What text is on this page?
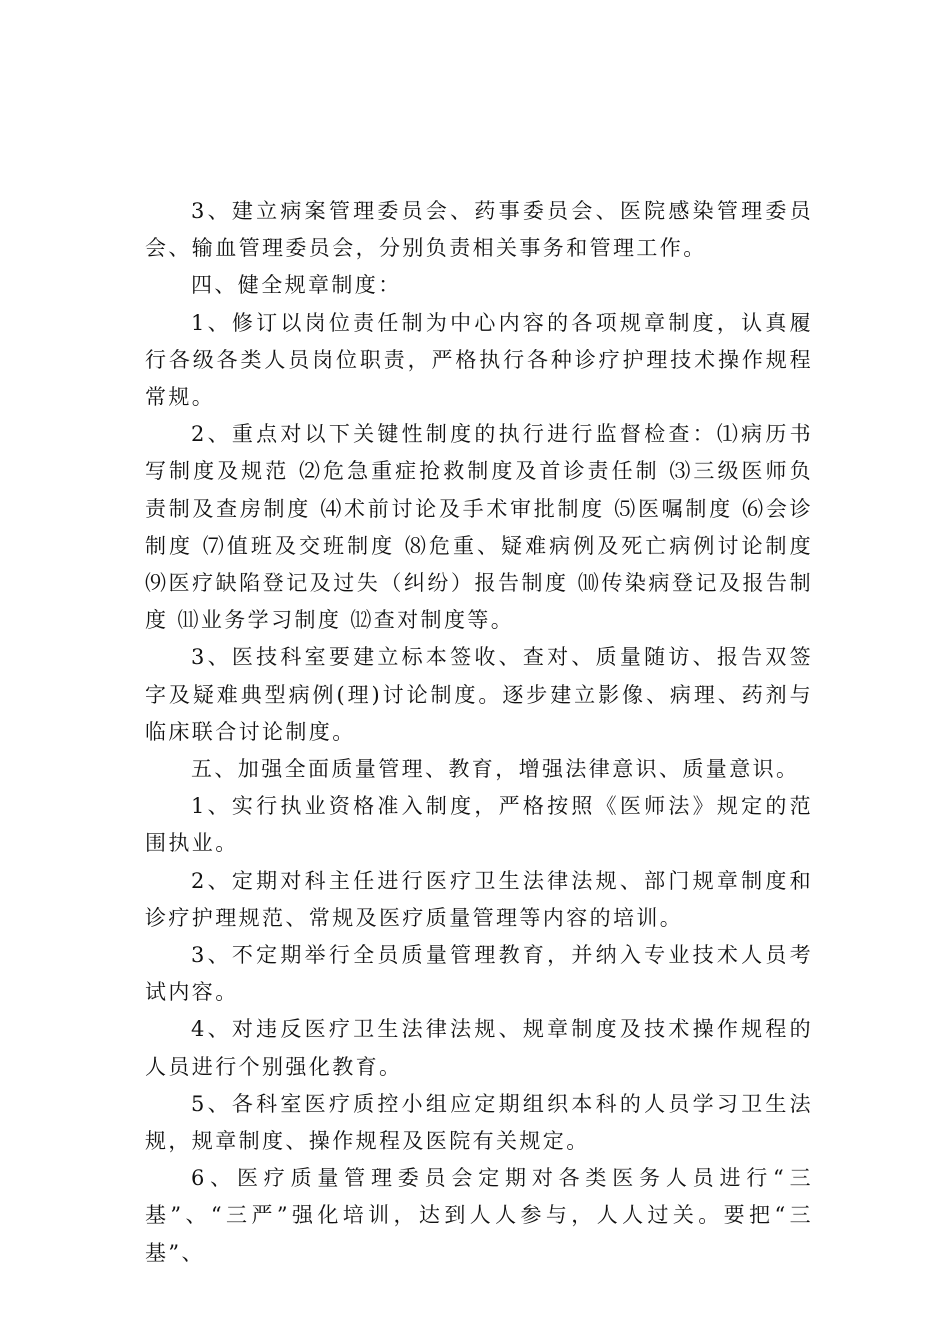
3、建立病案管理委员会、药事委员会、医院感染管理委员会、输血管理委员会，分别负责相关事务和管理工作。

四、健全规章制度：

1、修订以岗位责任制为中心内容的各项规章制度，认真履行各级各类人员岗位职责，严格执行各种诊疗护理技术操作规程常规。

2、重点对以下关键性制度的执行进行监督检查：⑴病历书写制度及规范 ⑵危急重症抢救制度及首诊责任制 ⑶三级医师负责制及查房制度 ⑷术前讨论及手术审批制度 ⑸医嘱制度 ⑹会诊制度 ⑺值班及交班制度 ⑻危重、疑难病例及死亡病例讨论制度 ⑼医疗缺陷登记及过失（纠纷）报告制度 ⑽传染病登记及报告制度 ⑾业务学习制度 ⑿查对制度等。

3、医技科室要建立标本签收、查对、质量随访、报告双签字及疑难典型病例(理)讨论制度。逐步建立影像、病理、药剂与临床联合讨论制度。

五、加强全面质量管理、教育，增强法律意识、质量意识。

1、实行执业资格准入制度，严格按照《医师法》规定的范围执业。

2、定期对科主任进行医疗卫生法律法规、部门规章制度和诊疗护理规范、常规及医疗质量管理等内容的培训。

3、不定期举行全员质量管理教育，并纳入专业技术人员考试内容。

4、对违反医疗卫生法律法规、规章制度及技术操作规程的人员进行个别强化教育。

5、各科室医疗质控小组应定期组织本科的人员学习卫生法规，规章制度、操作规程及医院有关规定。

6、医疗质量管理委员会定期对各类医务人员进行“三基”、“三严”强化培训，达到人人参与，人人过关。要把“三基”、
